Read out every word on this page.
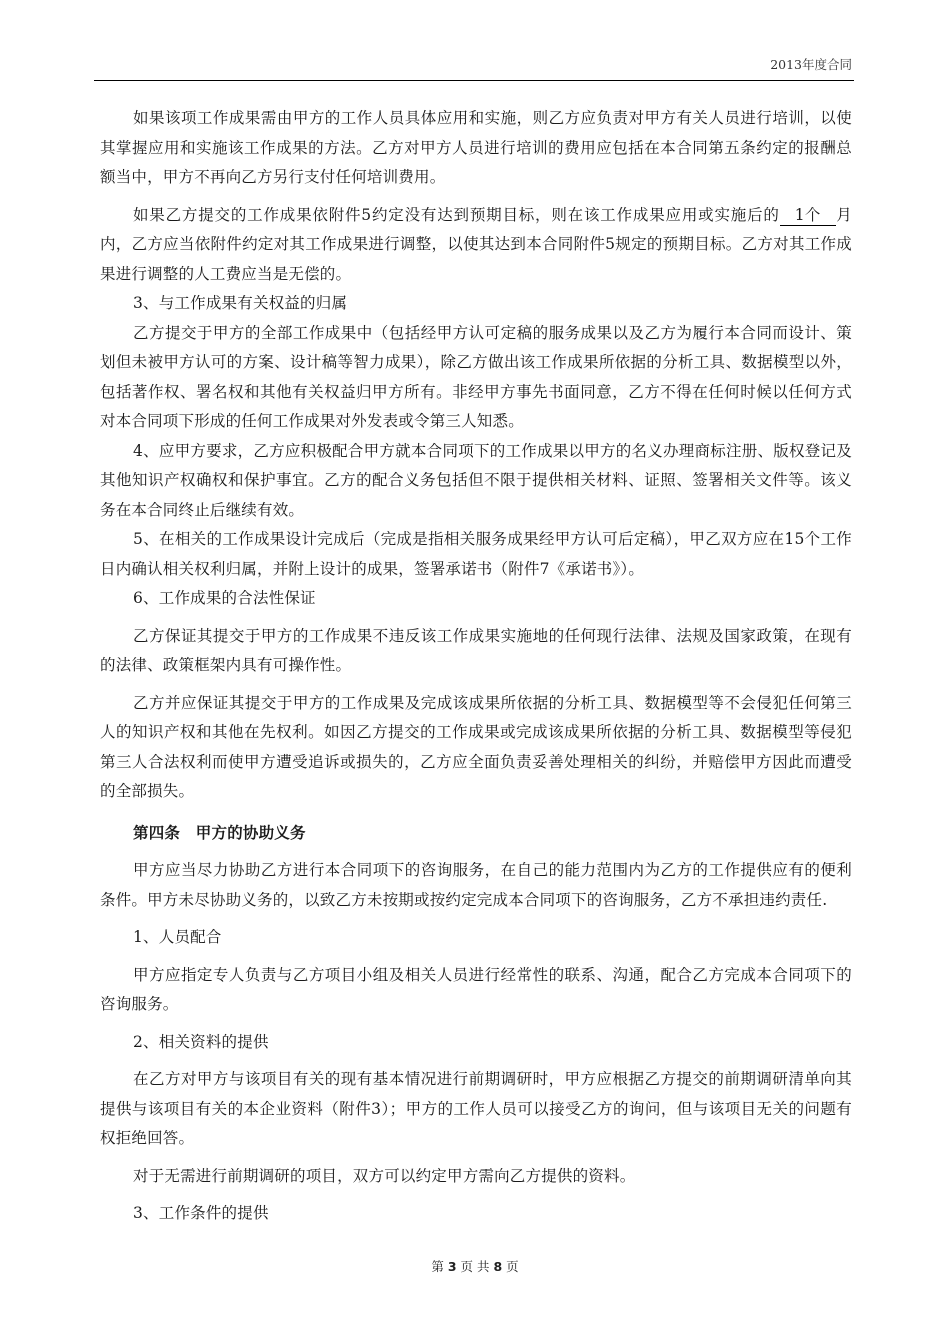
2013年度合同

如果该项工作成果需由甲方的工作人员具体应用和实施，则乙方应负责对甲方有关人员进行培训，以使其掌握应用和实施该工作成果的方法。乙方对甲方人员进行培训的费用应包括在本合同第五条约定的报酬总额当中，甲方不再向乙方另行支付任何培训费用。

如果乙方提交的工作成果依附件5约定没有达到预期目标，则在该工作成果应用或实施后的 1个 月内，乙方应当依附件约定对其工作成果进行调整，以使其达到本合同附件5规定的预期目标。乙方对其工作成果进行调整的人工费应当是无偿的。

3、与工作成果有关权益的归属

乙方提交于甲方的全部工作成果中（包括经甲方认可定稿的服务成果以及乙方为履行本合同而设计、策划但未被甲方认可的方案、设计稿等智力成果），除乙方做出该工作成果所依据的分析工具、数据模型以外，包括著作权、署名权和其他有关权益归甲方所有。非经甲方事先书面同意，乙方不得在任何时候以任何方式对本合同项下形成的任何工作成果对外发表或令第三人知悉。

4、应甲方要求，乙方应积极配合甲方就本合同项下的工作成果以甲方的名义办理商标注册、版权登记及其他知识产权确权和保护事宜。乙方的配合义务包括但不限于提供相关材料、证照、签署相关文件等。该义务在本合同终止后继续有效。

5、在相关的工作成果设计完成后（完成是指相关服务成果经甲方认可后定稿），甲乙双方应在15个工作日内确认相关权利归属，并附上设计的成果，签署承诺书（附件7《承诺书》）。

6、工作成果的合法性保证

乙方保证其提交于甲方的工作成果不违反该工作成果实施地的任何现行法律、法规及国家政策，在现有的法律、政策框架内具有可操作性。

乙方并应保证其提交于甲方的工作成果及完成该成果所依据的分析工具、数据模型等不会侵犯任何第三人的知识产权和其他在先权利。如因乙方提交的工作成果或完成该成果所依据的分析工具、数据模型等侵犯第三人合法权利而使甲方遭受追诉或损失的，乙方应全面负责妥善处理相关的纠纷，并赔偿甲方因此而遭受的全部损失。

第四条　甲方的协助义务

甲方应当尽力协助乙方进行本合同项下的咨询服务，在自己的能力范围内为乙方的工作提供应有的便利条件。甲方未尽协助义务的，以致乙方未按期或按约定完成本合同项下的咨询服务，乙方不承担违约责任.

1、人员配合

甲方应指定专人负责与乙方项目小组及相关人员进行经常性的联系、沟通，配合乙方完成本合同项下的咨询服务。

2、相关资料的提供

在乙方对甲方与该项目有关的现有基本情况进行前期调研时，甲方应根据乙方提交的前期调研清单向其提供与该项目有关的本企业资料（附件3）；甲方的工作人员可以接受乙方的询问，但与该项目无关的问题有权拒绝回答。

对于无需进行前期调研的项目，双方可以约定甲方需向乙方提供的资料。

3、工作条件的提供

第 3 页 共 8 页
